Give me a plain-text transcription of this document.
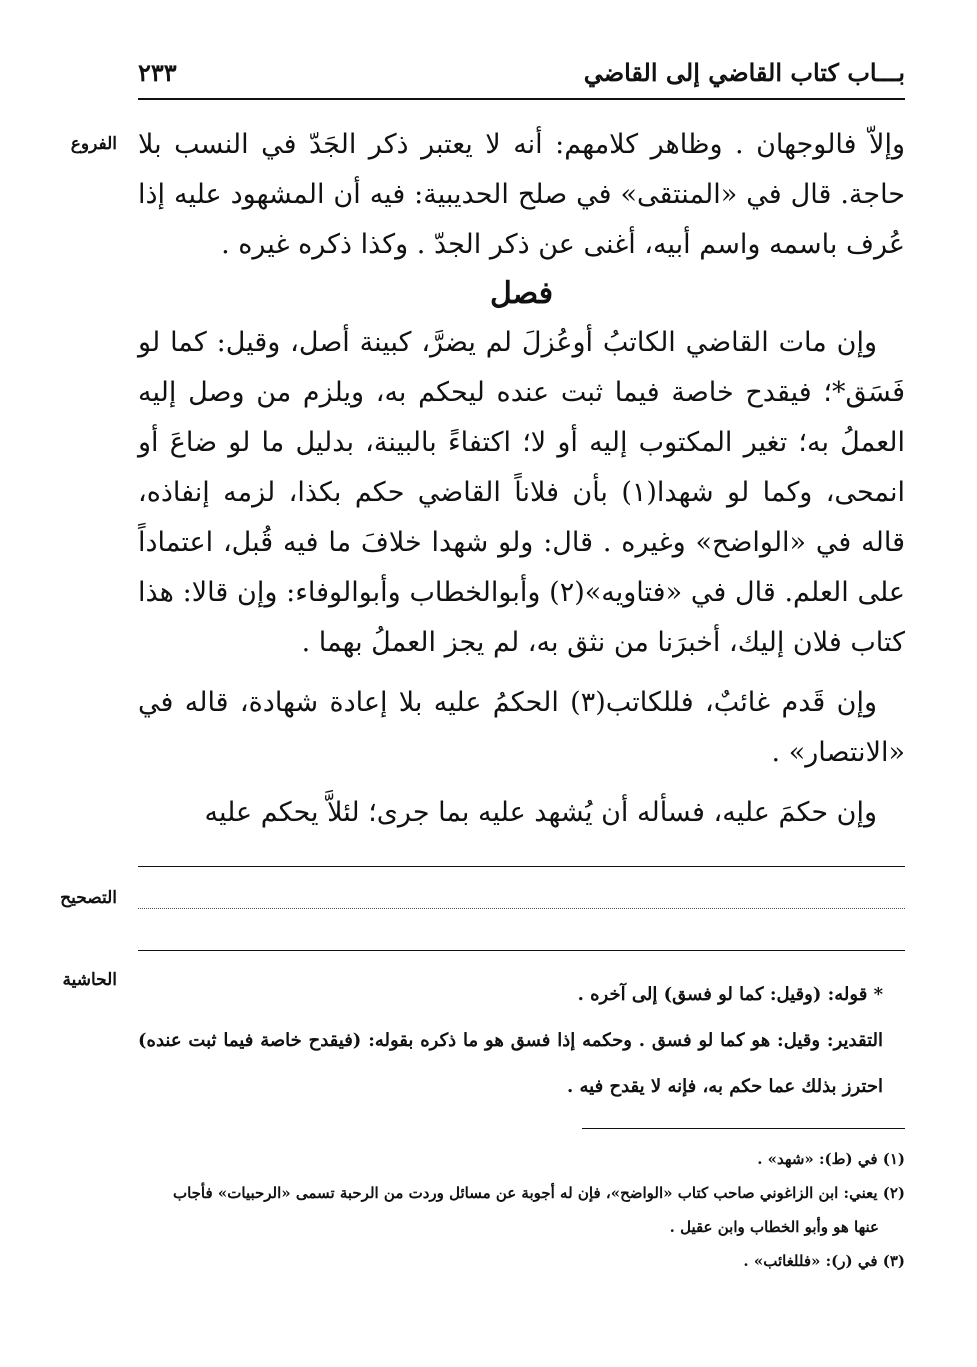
بـــاب كتاب القاضي إلى القاضي
٢٣٣
الفروع وإلاّ فالوجهان . وظاهر كلامهم: أنه لا يعتبر ذكر الجَدّ في النسب بلا حاجة. قال في «المنتقى» في صلح الحديبية: فيه أن المشهود عليه إذا عُرف باسمه واسم أبيه، أغنى عن ذكر الجدّ . وكذا ذكره غيره .

فصل

وإن مات القاضي الكاتبُ أوعُزلَ لم يضرَّ، كبينة أصل، وقيل: كما لو فَسَق*؛ فيقدح خاصة فيما ثبت عنده ليحكم به، ويلزم من وصل إليه العملُ به؛ تغير المكتوب إليه أو لا؛ اكتفاءً بالبينة، بدليل ما لو ضاعَ أو انمحى، وكما لو شهدا(١) بأن فلاناً القاضي حكم بكذا، لزمه إنفاذه، قاله في «الواضح» وغيره . قال: ولو شهدا خلافَ ما فيه قُبل، اعتماداً على العلم. قال في «فتاويه»(٢) وأبوالخطاب وأبوالوفاء: وإن قالا: هذا كتاب فلان إليك، أخبرَنا من نثق به، لم يجز العملُ بهما .

وإن قَدم غائبٌ، فللكاتب(٣) الحكمُ عليه بلا إعادة شهادة، قاله في «الانتصار» .

وإن حكمَ عليه، فسأله أن يُشهد عليه بما جرى؛ لئلاَّ يحكم عليه

التصحيح
الحاشية

* قوله: (وقيل: كما لو فسق) إلى آخره .

التقدير: وقيل: هو كما لو فسق . وحكمه إذا فسق هو ما ذكره بقوله: (فيقدح خاصة فيما ثبت عنده) احترز بذلك عما حكم به، فإنه لا يقدح فيه .

(١) في (ط): «شهد» .

(٢) يعني: ابن الزاغوني صاحب كتاب «الواضح»، فإن له أجوبة عن مسائل وردت من الرحبة تسمى «الرحبيات» فأجاب

عنها هو وأبو الخطاب وابن عقيل .

(٣) في (ر): «فللغائب» .
